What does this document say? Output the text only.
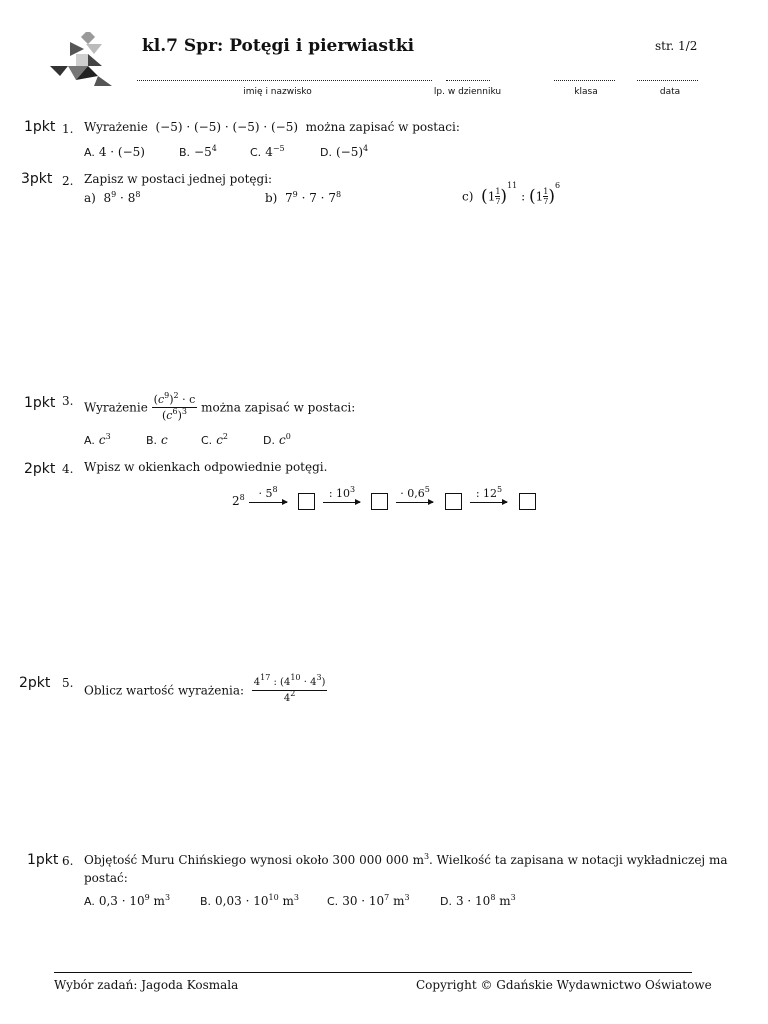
kl.7 Spr: Potęgi i pierwiastki	str. 1/2
imię i nazwisko	lp. w dzienniku	klasa	data
1pkt 1. Wyrażenie (−5) · (−5) · (−5) · (−5) można zapisać w postaci:
A. 4 · (−5)	B. $-5^4$	C. $4^{-5}$	D. $(-5)^4$
3pkt 2. Zapisz w postaci jednej potęgi:
a) $8^9 \cdot 8^8$	b) $7^9 \cdot 7 \cdot 7^8$	c) $(1 \frac{1}{7} )^{11}$ : $(1 \frac{1}{7} )^6$
1pkt 3. Wyrażenie $\frac{(c^9)^2 \cdot c}{(c^6)^3}$ można zapisać w postaci:
A. $c^3$	B. c	C. $c^2$	D. $c^0$
2pkt 4. Wpisz w okienkach odpowiednie potęgi.
$2^8$	· $5^8$	: $10^3$	· $0,6^5$	: $12^5$
2pkt 5.
Oblicz wartość wyrażenia: $\frac{4^{17} : (4^{10} \cdot 4^3)}{4^2}$
1pkt 6. Objętość Muru Chińskiego wynosi około 300 000 000 $m^3$. Wielkość ta zapisana w notacji wykładniczej ma
postać:
A. $0,3 \cdot 10^9$ $m^3$	B. $0,03 \cdot 10^{10}$ $m^3$	C. $30 \cdot 10^7$ $m^3$	D. $3 \cdot 10^8$ $m^3$
Wybór zadań: Jagoda Kosmala	Copyright © Gdańskie Wydawnictwo Oświatowe
